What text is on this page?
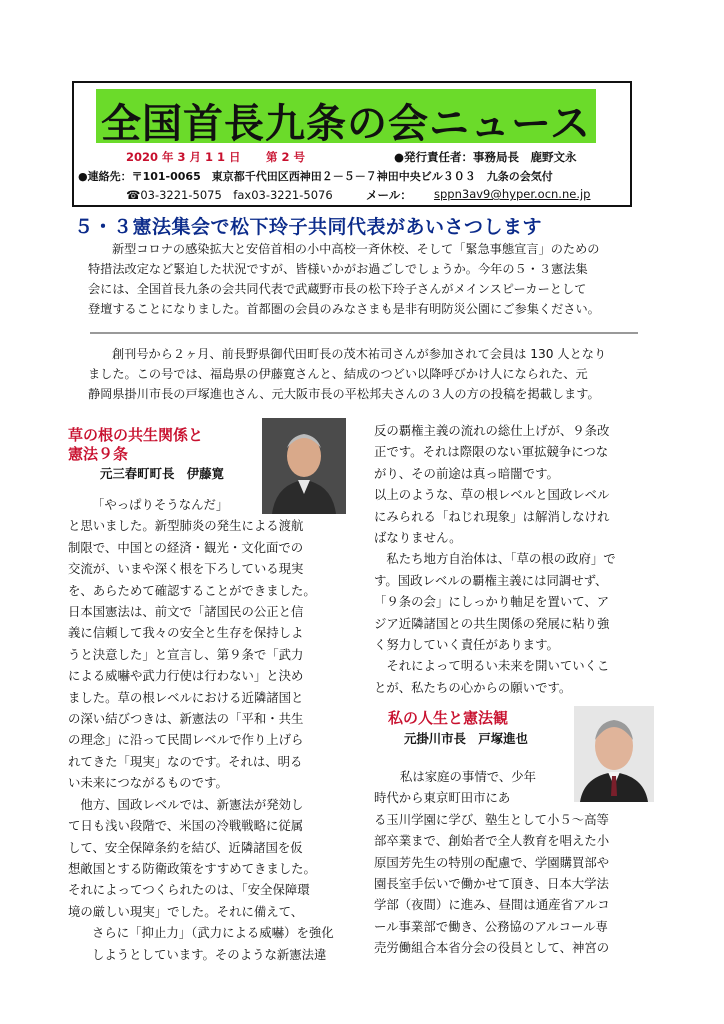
全国首長九条の会ニュース
2020 年 3 月 1 1 日 第 2 号	●発行責任者：事務局長　鹿野文永
●連絡先：〒101-0065　東京都千代田区西神田２－５－７神田中央ビル３０３　九条の会気付
☎03-3221-5075　fax03-3221-5076	メール： sppn3av9@hyper.ocn.ne.jp
５・３憲法集会で松下玲子共同代表があいさつします
新型コロナの感染拡大と安倍首相の小中高校一斉休校、そして「緊急事態宣言」のための
特措法改定など緊迫した状況ですが、皆様いかがお過ごしでしょうか。今年の５・３憲法集
会には、全国首長九条の会共同代表で武蔵野市長の松下玲子さんがメインスピーカーとして
登壇することになりました。首都圏の会員のみなさまも是非有明防災公園にご参集ください。
創刊号から２ヶ月、前長野県御代田町長の茂木祐司さんが参加されて会員は 130 人となり
ました。この号では、福島県の伊藤寛さんと、結成のつどい以降呼びかけ人になられた、元
静岡県掛川市長の戸塚進也さん、元大阪市長の平松邦夫さんの３人の方の投稿を掲載します。
草の根の共生関係と
憲法９条
元三春町町長　伊藤寛
「やっぱりそうなんだ」
と思いました。新型肺炎の発生による渡航
制限で、中国との経済・観光・文化面での
交流が、いまや深く根を下ろしている現実
を、あらためて確認することができました。
日本国憲法は、前文で「諸国民の公正と信
義に信頼して我々の安全と生存を保持しよ
うと決意した」と宣言し、第９条で「武力
による威嚇や武力行使は行わない」と決め
ました。草の根レベルにおける近隣諸国と
の深い結びつきは、新憲法の「平和・共生
の理念」に沿って民間レベルで作り上げら
れてきた「現実」なのです。それは、明る
い未来につながるものです。
　他方、国政レベルでは、新憲法が発効し
て日も浅い段階で、米国の冷戦戦略に従属
して、安全保障条約を結び、近隣諸国を仮
想敵国とする防衛政策をすすめてきました。
それによってつくられたのは、「安全保障環
境の厳しい現実」でした。それに備えて、
さらに「抑止力」（武力による威嚇）を強化
しようとしています。そのような新憲法違
反の覇権主義の流れの総仕上げが、９条改
正です。それは際限のない軍拡競争につな
がり、その前途は真っ暗闇です。
以上のような、草の根レベルと国政レベル
にみられる「ねじれ現象」は解消しなけれ
ばなりません。
　私たち地方自治体は、「草の根の政府」で
す。国政レベルの覇権主義には同調せず、
「９条の会」にしっかり軸足を置いて、ア
ジア近隣諸国との共生関係の発展に粘り強
く努力していく責任があります。
　それによって明るい未来を開いていくこ
とが、私たちの心からの願いです。
私の人生と憲法観
元掛川市長　戸塚進也
私は家庭の事情で、少年
時代から東京町田市にあ
る玉川学園に学び、塾生として小５～高等
部卒業まで、創始者で全人教育を唱えた小
原国芳先生の特別の配慮で、学園購買部や
園長室手伝いで働かせて頂き、日本大学法
学部（夜間）に進み、昼間は通産省アルコ
ール事業部で働き、公務協のアルコール専
売労働組合本省分会の役員として、神宮の
